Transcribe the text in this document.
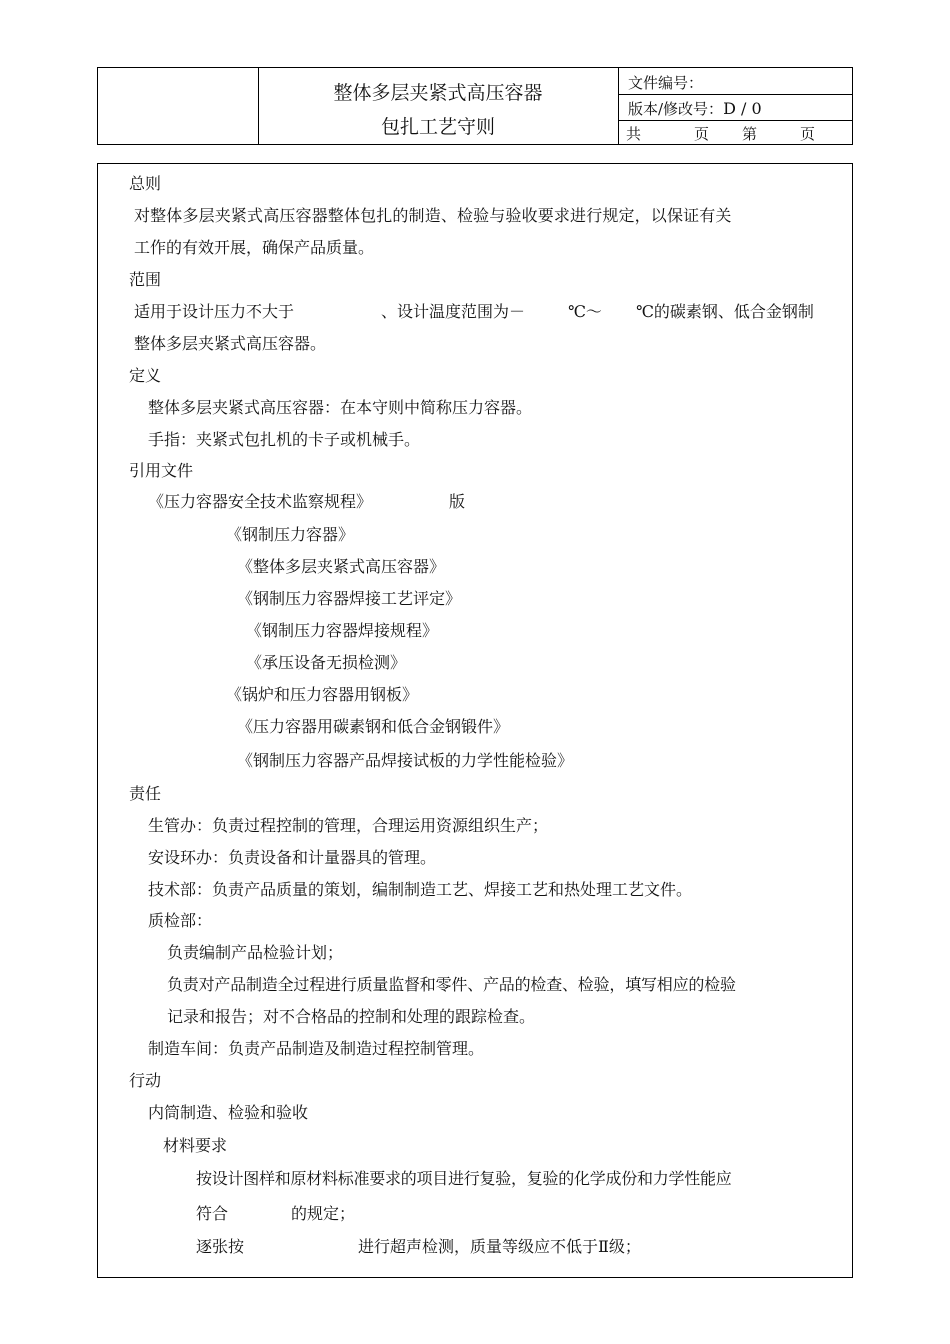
整体多层夹紧式高压容器
包扎工艺守则
文件编号：
版本/修改号：D / 0
共	页 第	页
总则
对整体多层夹紧式高压容器整体包扎的制造、检验与验收要求进行规定，以保证有关
工作的有效开展，确保产品质量。
范围
适用于设计压力不大于	、设计温度范围为－	℃～ ℃的碳素钢、低合金钢制
整体多层夹紧式高压容器。
定义
整体多层夹紧式高压容器：在本守则中简称压力容器。
手指：夹紧式包扎机的卡子或机械手。
引用文件
《压力容器安全技术监察规程》	版
《钢制压力容器》
《整体多层夹紧式高压容器》
《钢制压力容器焊接工艺评定》
《钢制压力容器焊接规程》
《承压设备无损检测》
《锅炉和压力容器用钢板》
《压力容器用碳素钢和低合金钢锻件》
《钢制压力容器产品焊接试板的力学性能检验》
责任
生管办：负责过程控制的管理，合理运用资源组织生产；
安设环办：负责设备和计量器具的管理。
技术部：负责产品质量的策划，编制制造工艺、焊接工艺和热处理工艺文件。
质检部：
负责编制产品检验计划；
负责对产品制造全过程进行质量监督和零件、产品的检查、检验，填写相应的检验
记录和报告；对不合格品的控制和处理的跟踪检查。
制造车间：负责产品制造及制造过程控制管理。
行动
内筒制造、检验和验收
材料要求
按设计图样和原材料标准要求的项目进行复验，复验的化学成份和力学性能应
符合	的规定；
逐张按	进行超声检测，质量等级应不低于Ⅱ级；
